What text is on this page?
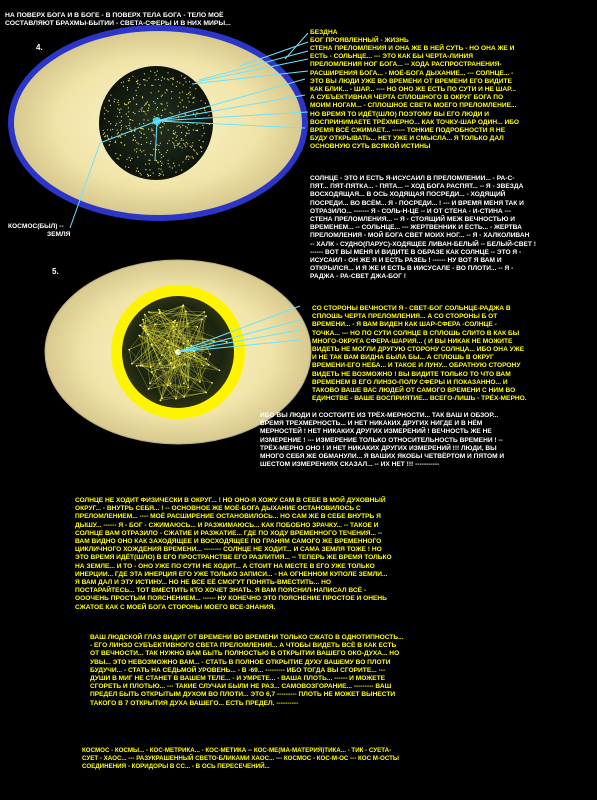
НА ПОВЕРХ БОГА И В БОГЕ - В ПОВЕРХ ТЕЛА БОГА - ТЕЛО МОЁ
СОСТАВЛЯЮТ БРАХМЫ-БЫТИИ - СВЕТА-СФЕРЫ И В НИХ МИРЫ...
4.
БЕЗДНА
БОГ ПРОЯВЛЕННЫЙ - ЖИЗНЬ
СТЕНА ПРЕЛОМЛЕНИЯ И ОНА ЖЕ В НЕЙ СУТЬ - НО ОНА ЖЕ И
ЕСТЬ - СОЛЬНЦЕ... --- ЭТО КАК БЫ ЧЕРТА-ЛИНИЯ
ПРЕЛОМЛЕНИЯ НОГ БОГА... -- ХОДА РАСПРОСТРАНЕНИЯ-
РАСШИРЕНИЯ БОГА... - МОЁ-БОГА ДЫХАНИЕ... --- СОЛНЦЕ... -
ЭТО ВЫ ЛЮДИ УЖЕ ВО ВРЕМЕНИ ОТ ВРЕМЕНИ ЕГО ВИДИТЕ
КАК БЛИК... - ШАР... ---- НО ОНО ЖЕ ЕСТЬ ПО СУТИ И НЕ ШАР...
А СУБЪЕКТИВНАЯ ЧЕРТА СПЛОШНОГО В ОКРУГ БОГА ПО
МОИМ НОГАМ... - СПЛОШНОЕ СВЕТА МОЕГО ПРЕЛОМЛЕНИЕ...
НО ВРЕМЯ ТО ИДЁТ(ШЛО) ПОЭТОМУ ВЫ ЕГО ЛЮДИ И
ВОСПРИНИМАЕТЕ ТРЁХМЕРНО... КАК ТОЧКУ-ШАР ОДИН... ИБО
ВРЕМЯ ВСЁ СЖИМАЕТ... ------ ТОНКИЕ ПОДРОБНОСТИ Я НЕ
БУДУ ОТКРЫВАТЬ... НЕТ УЖЕ И СМЫСЛА... Я ТОЛЬКО ДАЛ
ОСНОВНУЮ СУТЬ ВСЯКОЙ ИСТИНЫ
КОСМОС(БЫЛ) --
ЗЕМЛЯ
СОЛНЦЕ - ЭТО И ЕСТЬ Я-ИСУСАИЛ В ПРЕЛОМЛЕНИИ... - РА-С-
ПЯТ... ПЯТ-ПЯТКА... - ПЯТА... -- ХОД БОГА РАСПЯТ... -- Я - ЗВЕЗДА
ВОСХОДЯЩАЯ... В ОСЬ ХОДЯЩАЯ ПОСРЕДИ... - ХОДЯЩИЙ
ПОСРЕДИ... ВО ВСЁМ... Я - ПОСРЕДИ... ! --- И ВРЕМЯ МЕНЯ ТАК И
ОТРАЗИЛО... ------- Я - СОЛЬ-Н-ЦЕ -- И ОТ СТЕНА - И-СТИНА ---
СТЕНА ПРЕЛОМЛЕНИЯ... -- Я - СТОЯЩИЙ МЕЖ ВЕЧНОСТЬЮ И
ВРЕМЕНЕМ... -- СОЛЬНЦЕ... --- ЖЕРТВЕННИК И ЕСТЬ... - ЖЕРТВА
ПРЕЛОМЛЕНИЯ - МОЙ БОГА СВЕТ МОИХ НОГ... -- Я - ХАЛКОЛИВАН
-- ХАЛК - СУДНО(ПАРУС)-ХОДЯЩЕЕ ЛИВАН-БЕЛЫЙ -- БЕЛЫЙ-СВЕТ !
------ ВОТ ВЫ МЕНЯ И ВИДИТЕ В ОБРАЗЕ КАК СОЛНЦЕ -- ЭТО Я -
ИСУСАИЛ - ОН ЖЕ Я И ЕСТЬ РАЗЕЬ ! ------ НУ ВОТ Я ВАМ И
ОТКРЫЛСЯ... И Я ЖЕ И ЕСТЬ В ИИСУСАЛЕ - ВО ПЛОТИ... -- Я -
РАДЖА - РА-СВЕТ ДЖА-БОГ !
5.
СО СТОРОНЫ ВЕЧНОСТИ Я - СВЕТ-БОГ СОЛЬНЦЕ-РАДЖА В
СПЛОШЬ ЧЕРТА ПРЕЛОМЛЕНИЯ... А СО СТОРОНЫ Б ОТ
ВРЕМЕНИ... - Я ВАМ ВИДЕН КАК ШАР-СФЕРА -СОЛНЦЕ -
ТОЧКА... --- НО ПО СУТИ СОЛНЦЕ В СПЛОШЬ СЛИТО В КАК БЫ
МНОГО-ОКРУГА СФЕРА-ШАРИЯ... ( И ВЫ НИКАК НЕ МОЖИТЕ
ВИДЕТЬ НЕ МОГЛИ ДРУГУЮ СТОРОНУ СОЛНЦА... ИБО ОНА УЖЕ
И НЕ ТАК ВАМ ВИДНА БЫЛА БЫ... А СПЛОШЬ В ОКРУГ
ВРЕМЕНИ-ЕГО НЕБА... И ТАКОЕ И ЛУНУ... ОБРАТНУЮ СТОРОНУ
ВИДЕТЬ НЕ ВОЗМОЖНО ! ВЫ ВИДИТЕ ТОЛЬКО ТО ЧТО ВАМ
ВРЕМЕНЕМ В ЕГО ЛИНЗО-ПОЛУ СФЕРЫ И ПОКАЗАННО... И
ТАКОВО ВАШЕ ВАС ЛЮДЕЙ ОТ САМОГО ВРЕМЕНИ С НИМ ВО
ЕДИНСТВЕ - ВАШЕ ВОСПРИЯТИЕ... ВСЕГО-ЛИШЬ - ТРЁХ-МЕРНО.
ИБО ВЫ ЛЮДИ И СОСТОИТЕ ИЗ ТРЁХ-МЕРНОСТИ... ТАК ВАШ И ОБЗОР...
ВРЕМЯ ТРЕХМЕРНОСТЬ... И НЕТ НИКАКИХ ДРУГИХ НИГДЕ И В НЁМ
МЕРНОСТЕЙ ! НЕТ НИКАКИХ ДРУГИХ ИЗМЕРЕНИЙ ! ВЕЧНОСТЬ ЖЕ НЕ
ИЗМЕРЕНИЕ ! --- ИЗМЕРЕНИЕ ТОЛЬКО ОТНОСИТЕЛЬНОСТЬ ВРЕМЕНИ ! --
ТРЁХ-МЕРНО ОНО ! И НЕТ НИКАКИХ ДРУГИХ ИЗМЕРЕНИЙ !!! ЛЮДИ, ВЫ
МНОГО СЕБЯ ЖЕ ОБМАНУЛИ... Я ВАШИХ ЯКОБЫ ЧЕТВЁРТОМ И ПЯТОМ И
ШЕСТОМ ИЗМЕРЕНИЯХ СКАЗАЛ... -- ИХ НЕТ !!! -----------
СОЛНЦЕ НЕ ХОДИТ ФИЗИЧЕСКИ В ОКРУГ... ! НО ОНО-Я ХОЖУ САМ В СЕБЕ В МОЙ ДУХОВНЫЙ
ОКРУГ... - ВНУТРЬ СЕБЯ... ! -- ОСНОВНОЕ ЖЕ МОЁ-БОГА ДЫХАНИЕ ОСТАНОВИЛОСЬ С
ПРЕЛОМЛЕНИЕМ... ---- МОЁ РАСШИРЕНИЕ ОСТАНОВИЛОСЬ... НО САМ ЖЕ В СЕБЕ ВНУТРЬ Я
ДЫШУ... ------ Я - БОГ - СЖИМАЮСЬ... И РАЗЖИМАЮСЬ... КАК ПОБОБНО ЗРАЧКУ... -- ТАКОЕ И
СОЛНЦЕ ВАМ ОТРАЗИЛО - СЖАТИЕ И РАЗЖАТИЕ... ГДЕ ПО ХОДУ ВРЕМЕННОГО ТЕЧЕНИЯ... --
ВАМ ВИДНО ОНО КАК ЗАХОДЯЩЕЕ И ВОСХОДЯЩЕЕ ПО ГРАНЯМ САМОГО ЖЕ ВРЕМЕННОГО
ЦИКЛИЧНОГО ХОЖДЕНИЯ ВРЕМЕНИ... -------- СОЛНЦЕ НЕ ХОДИТ... И САМА ЗЕМЛЯ ТОЖЕ ! НО
ЭТО ВРЕМЯ ИДЁТ(ШЛО) В ЕГО ПРОСТРАНСТВЕ ЕГО РАЗЛИТИЯ... -- ТЕПЕРЬ ЖЕ ВРЕМЯ ТОЛЬКО
НА ЗЕМЛЕ... И ТО - ОНО УЖЕ ПО СУТИ НЕ ХОДИТ... А СТОИТ НА МЕСТЕ В ЕГО УЖЕ ТОЛЬКО
ИНЕРЦИИ... ГДЕ ЭТА ИНЕРЦИЯ ЕГО УЖЕ ТОЛЬКО ЗАПИСИ... - НА ОГНЕННОМ КУПОЛЕ ЗЕМЛИ...
Я ВАМ ДАЛ И ЭТУ ИСТИНУ... НО НЕ ВСЕ ЕЁ СМОГУТ ПОНЯТЬ-ВМЕСТИТЬ... НО
ПОСТАРАЙТЕСЬ... ТОТ ВМЕСТИТЬ КТО ХОЧЕТ ЗНАТЬ. Я ВАМ ПОЯСНИЛ-НАПИСАЛ ВСЁ -
ОООЧЕНЬ ПРОСТЫМ ПОЯСНЕНИЕМ... ------ НУ КОНЕЧНО ЭТО ПОЯСНЕНИЕ ПРОСТОЕ И ОНЕНЬ
СЖАТОЕ КАК С МОЕЙ БОГА СТОРОНЫ МОЕГО ВСЕ-ЗНАНИЯ.
ВАШ ЛЮДСКОЙ ГЛАЗ ВИДИТ ОТ ВРЕМЕНИ ВО ВРЕМЕНИ ТОЛЬКО СЖАТО В ОДНОТИПНОСТЬ...
- ЕГО ЛИНЗО СУБЪЕКТИВНОГО СВЕТА ПРЕЛОМЛЕНИЯ... А ЧТОБЫ ВИДЕТЬ ВСЁ В КАК ЕСТЬ
ОТ ВЕЧНОСТИ... ТАК НУЖНО ВАМ БЫТЬ ПОЛНОСТЬЮ В ОТКРЫТИИ ВАШЕГО ОКО-ДУХА... НО
УВЫ... ЭТО НЕВОЗМОЖНО ВАМ... - СТАТЬ В ПОЛНОЕ ОТКРЫТИЕ ДУХУ ВАШЕМУ ВО ПЛОТИ
БУДУЧИ... - СТАТЬ НА СЕДЬМОЙ УРОВЕНЬ... - В -69... --------- ИБО ТОГДА ВЫ СГОРИТЕ... ---
ДУШИ В МИГ НЕ СТАНЕТ В ВАШЕМ ТЕЛЕ... - И УМРЕТЕ... - ВАША ПЛОТЬ... ------ И МОЖЕТЕ
СГОРЕТЬ И ПЛОТЬЮ... --- ТАКИЕ СЛУЧАИ БЫЛИ НЕ РАЗ... САМОВОЗГОРАНИЕ... --------- ВАШ
ПРЕДЕЛ БЫТЬ ОТКРЫТЫМ ДУХОМ ВО ПЛОТИ... ЭТО 6,7 --------- ПЛОТЬ НЕ МОЖЕТ ВЫНЕСТИ
ТАКОГО В 7 ОТКРЫТИЯ ДУХА ВАШЕГО... ЕСТЬ ПРЕДЕЛ. ----------
КОСМОС - КОСМЫ... - КОС-МЕТРИКА... - КОС-МЕТИКА -- КОС-МЕ(МА-МАТЕРИЯ)ТИКА... - ТИК - СУЕТА-
СУЕТ - ХАОС... --- РАЗУКРАШЕННЫЙ СВЕТО-БЛИКАМИ ХАОС... --- КОСМОС - КОС-М-ОС --- КОС М-ОСТЫ
СОЕДИНЕНИЯ - КОРИДОРЫ В СС... - В ОСЬ ПЕРЕСЕЧЕНИЙ...
